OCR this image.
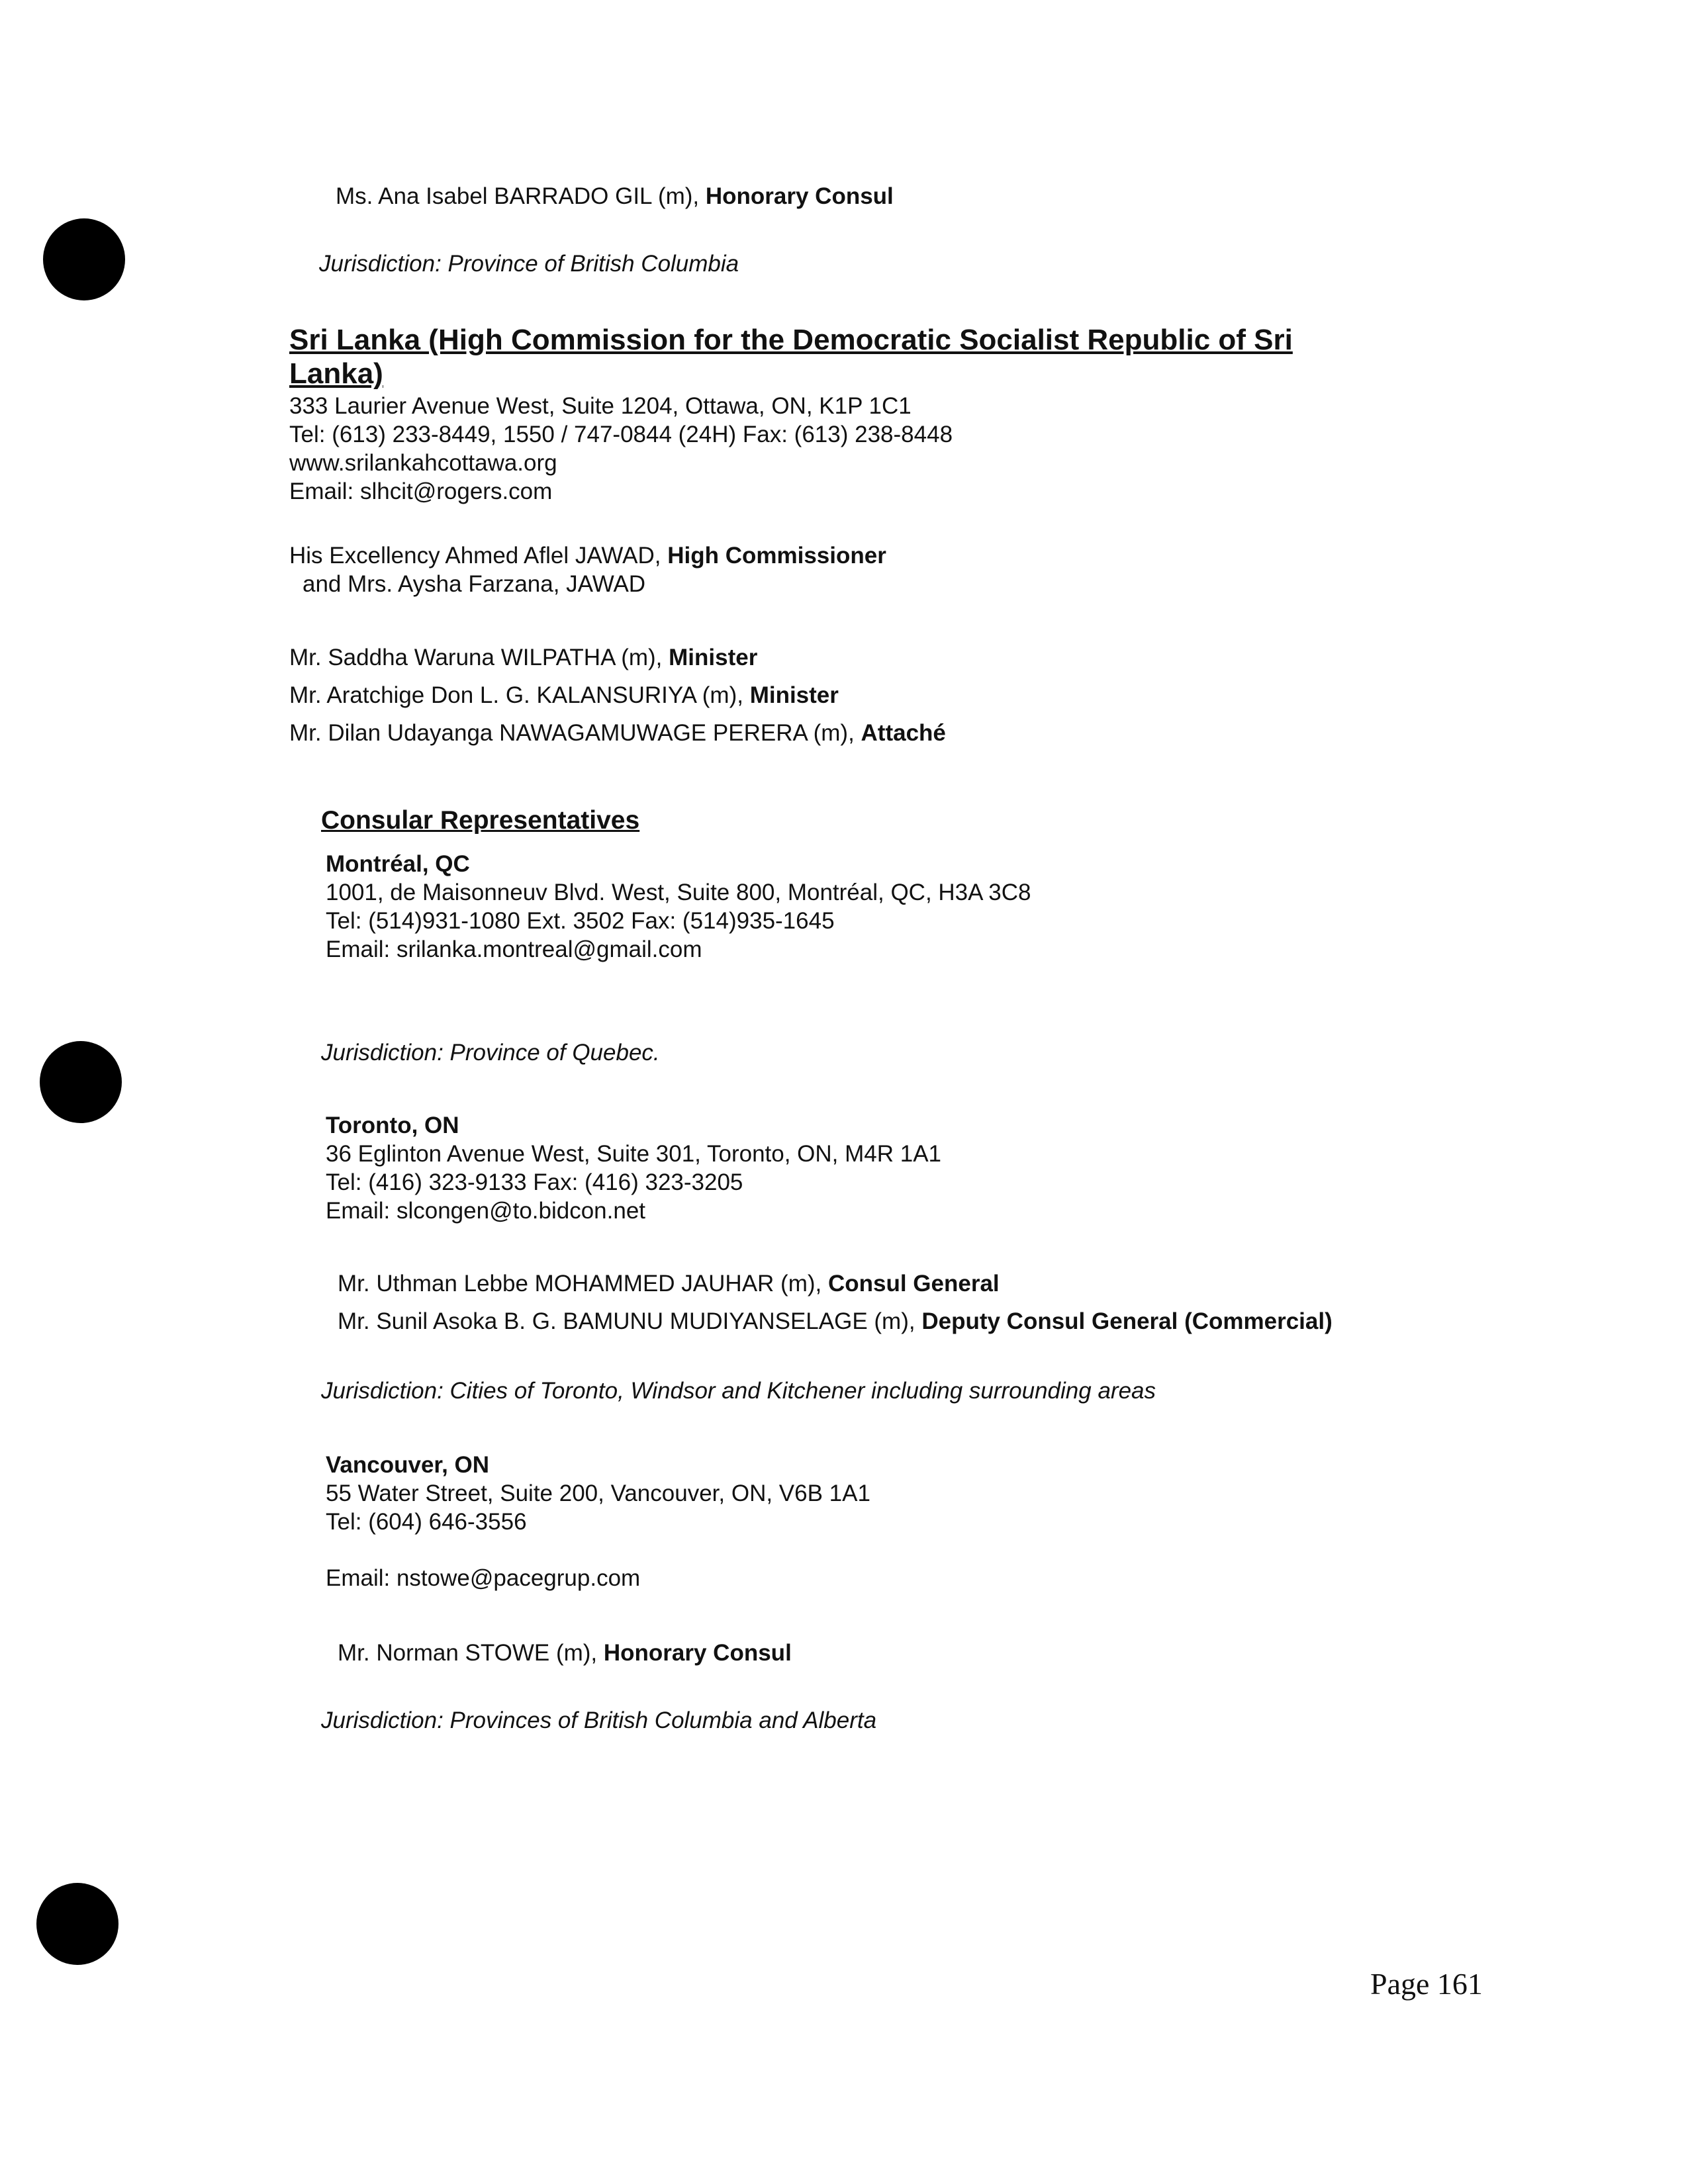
Ms. Ana Isabel BARRADO GIL (m), Honorary Consul
Jurisdiction: Province of British Columbia
Sri Lanka (High Commission for the Democratic Socialist Republic of Sri
Lanka)
333 Laurier Avenue West, Suite 1204, Ottawa, ON, K1P 1C1
Tel: (613) 233-8449, 1550 / 747-0844 (24H) Fax: (613) 238-8448
www.srilankahcottawa.org
Email: slhcit@rogers.com
His Excellency Ahmed Aflel JAWAD, High Commissioner
and Mrs. Aysha Farzana, JAWAD
Mr. Saddha Waruna WILPATHA (m), Minister
Mr. Aratchige Don L. G. KALANSURIYA (m), Minister
Mr. Dilan Udayanga NAWAGAMUWAGE PERERA (m), Attaché
Consular Representatives
Montréal, QC
1001, de Maisonneuv Blvd. West, Suite 800, Montréal, QC, H3A 3C8
Tel: (514)931-1080 Ext. 3502 Fax: (514)935-1645
Email: srilanka.montreal@gmail.com
Jurisdiction: Province of Quebec.
Toronto, ON
36 Eglinton Avenue West, Suite 301, Toronto, ON, M4R 1A1
Tel: (416) 323-9133 Fax: (416) 323-3205
Email: slcongen@to.bidcon.net
Mr. Uthman Lebbe MOHAMMED JAUHAR (m), Consul General
Mr. Sunil Asoka B. G. BAMUNU MUDIYANSELAGE (m), Deputy Consul General (Commercial)
Jurisdiction: Cities of Toronto, Windsor and Kitchener including surrounding areas
Vancouver, ON
55 Water Street, Suite 200, Vancouver, ON, V6B 1A1
Tel: (604) 646-3556
Email: nstowe@pacegrup.com
Mr. Norman STOWE (m), Honorary Consul
Jurisdiction: Provinces of British Columbia and Alberta
Page 161
